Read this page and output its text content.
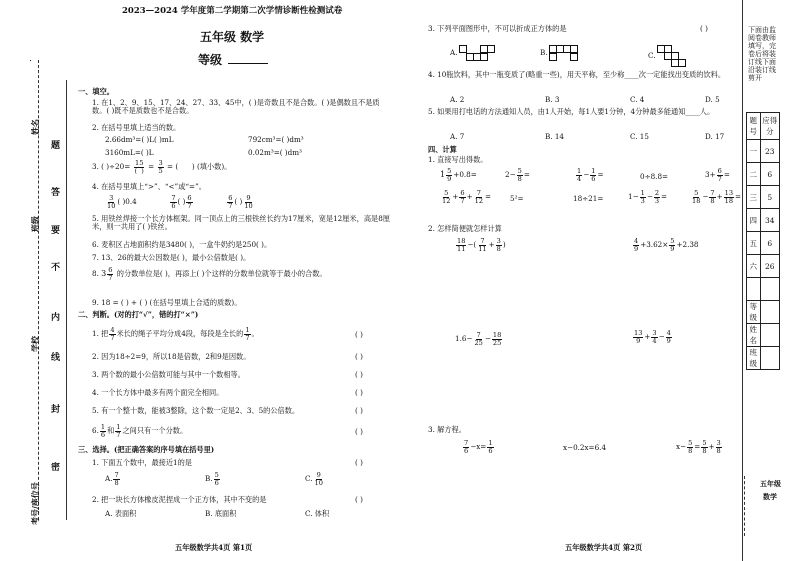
姓名
班级
学校
考号/座位号
题
答
要
不
内
线
封
密
2023—2024 学年度第二学期第二次学情诊断性检测试卷
五年级 数学
等级
一、填空。
1. 在1、2、9、15、17、24、27、33、45中，( )是奇数且不是合数。( )是偶数且不是质数。( )既不是质数也不是合数。
2. 在括号里填上适当的数。
2.66dm³=( )L( )mL	792cm³=( )dm³
3160mL=( )L	0.02m³=( )dm³
3. ( )$\div 20= \frac{15}{( )} = \frac{3}{5}$ = (      ) (填小数)。
4. 在括号里填上“>”、“<”或“=”。
$\frac{3}{10}$ ( )0.4	$\frac{7}{6}$ ( ) $\frac{6}{7}$
	$\frac{6}{7}$ ( ) $\frac{9}{10}$
5. 用铁丝焊接一个长方体框架。同一顶点上的三根铁丝长约为17厘米，宽是12厘米，高是8厘米，则一共用了( )铁丝。
6. 麦积区占地面积约是3480( )，一盒牛奶约是250( )。
7. 13、26的最大公因数是( )，最小公倍数是( )。
8. $3 \frac{6}{7}$ 的分数单位是( )，再添上( )个这样的分数单位就等于最小的合数。
9. 18 = ( ) + ( ) (在括号里填上合适的质数)。
二、判断。(对的打“√”，错的打“×”)
1. 把 $\frac{4}{7}$ 米长的绳子平均分成4段，每段是全长的 $\frac{1}{7}$ 。	( )
2. 因为18÷2=9，所以18是倍数，2和9是因数。	( )
3. 两个数的最小公倍数可能与其中一个数相等。	( )
4. 一个长方体中最多有两个面完全相同。	( )
5. 有一个整十数，能被3整除，这个数一定是2、3、5的公倍数。	( )
6. $\frac{1}{6}$ 和 $\frac{1}{7}$ 之间只有一个分数。	( )
三、选择。(把正确答案的序号填在括号里)
1. 下面五个数中，最接近1的是	( )
A. $\frac{7}{8}$	B. $\frac{5}{6}$	C. $\frac{9}{10}$
2. 把一块长方体橡皮泥捏成一个正方体，其中不变的是	( )
A. 表面积	B. 底面积	C. 体积
五年级数学共4页 第1页
3. 下列平面图形中，不可以折成正方体的是	( )
A.	B.	C.
4. 10瓶饮料，其中一瓶变质了(略重一些)，用天平称，至少称____次一定能找出变质的饮料。
A. 2	B. 3	C. 4	D. 5
5. 如果用打电话的方法通知人员，由1人开始，每1人要1分钟，4分钟最多能通知____人。
A. 7	B. 14	C. 15	D. 17
四、计算
1. 直接写出得数。
$1 \frac{5}{9} +0.8=$	$2- \frac{5}{8}$ =	$\frac{1}{4} - \frac{1}{6}$ =	0÷8.8=	$3+ \frac{6}{7}$ =
$\frac{5}{12} + \frac{6}{7} + \frac{7}{12}$ =	5²=	18÷21=	$1- \frac{1}{3} - \frac{2}{3}$ =	$\frac{5}{18} - \frac{7}{8} + \frac{13}{18}$ =
2. 怎样简便就怎样计算
$\frac{18}{11}$ −( $\frac{7}{11} + \frac{3}{8}$ )	$\frac{4}{9} +3.62\times \frac{5}{9} +2.38$
$1.6- \frac{7}{25} - \frac{18}{25}$	$\frac{13}{9} + \frac{3}{4} - \frac{4}{9}$
3. 解方程。
$\frac{7}{6} -x= \frac{1}{6}$	x−0.2x=6.4	$x- \frac{5}{8} = \frac{5}{8} + \frac{3}{8}$
五年级数学共4页 第2页
下面由监阅卷教师填写，完卷后将装订线下面沿装订线剪开
题号	应得分
一	23
二	6
三	5
四	34
五	6
六	26

等级	
姓名	
班级	
五年级
数学
